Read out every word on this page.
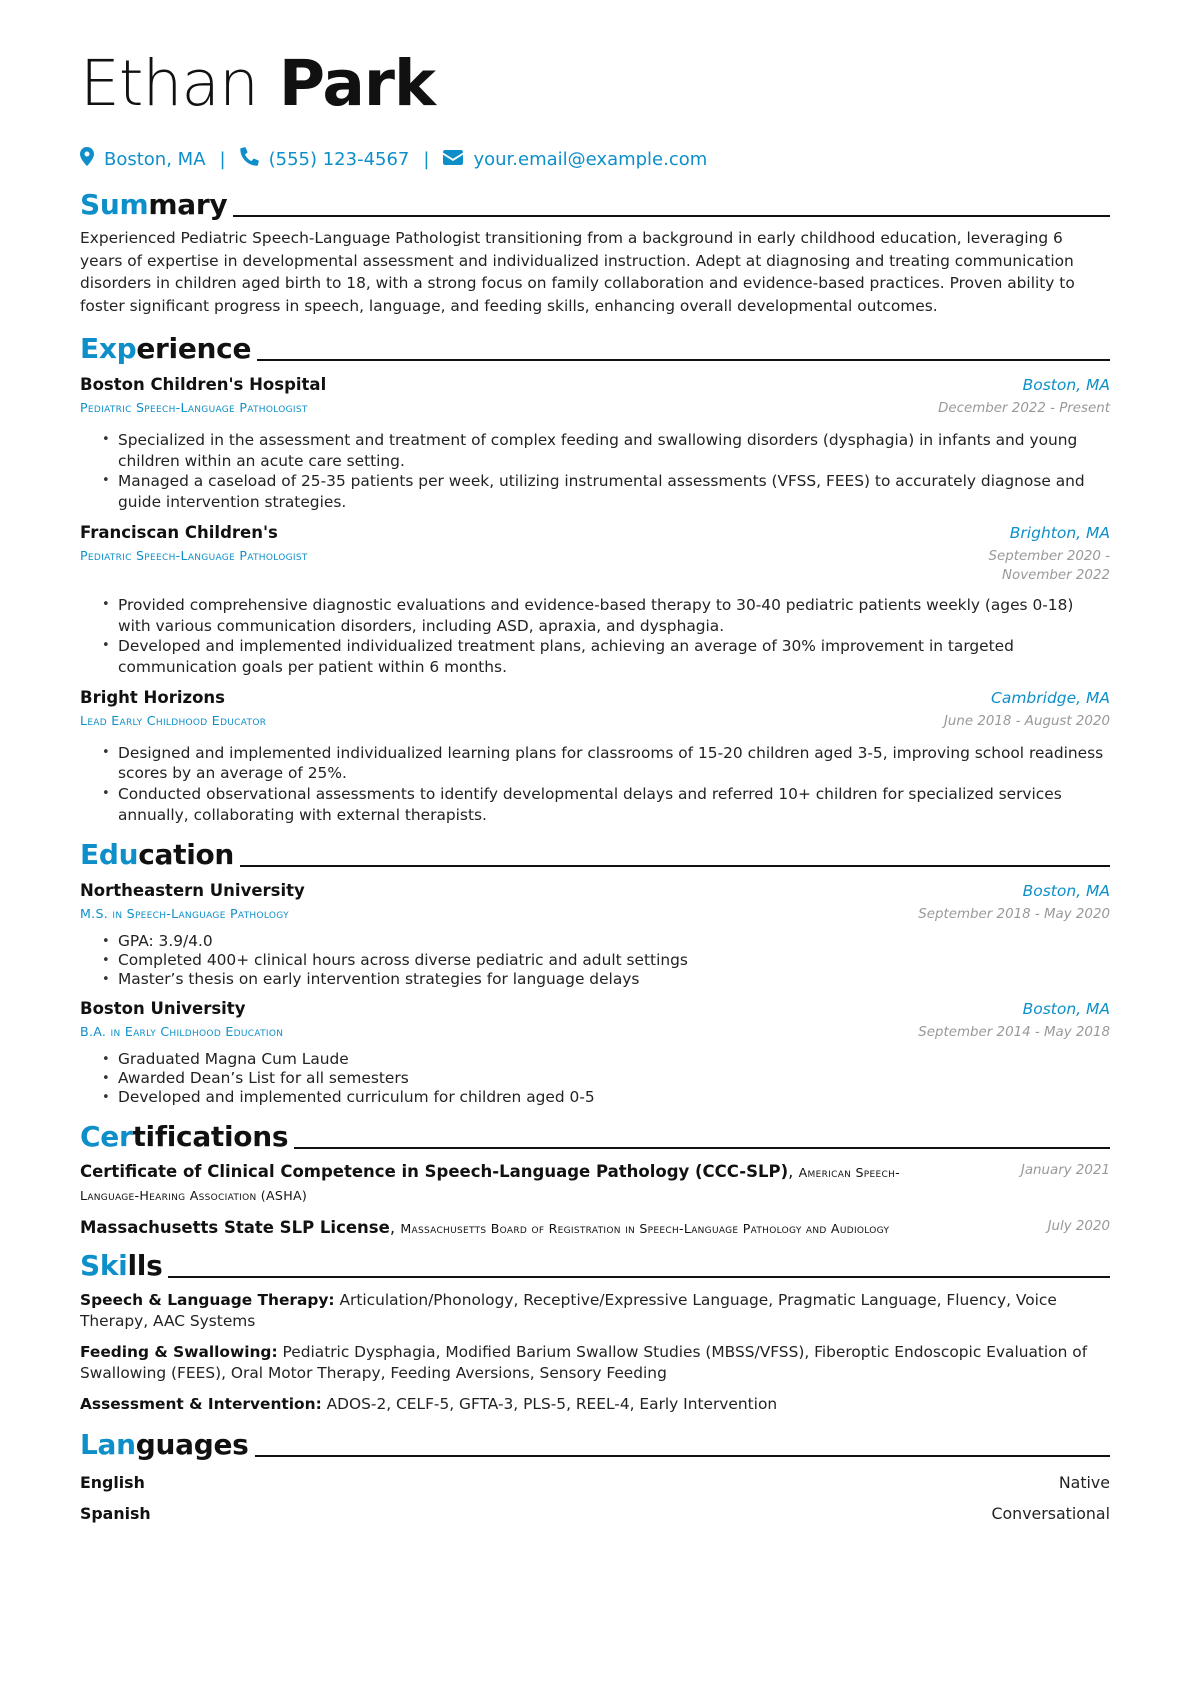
Ethan Park
Boston, MA | (555) 123-4567 | your.email@example.com
Summary

Experienced Pediatric Speech-Language Pathologist transitioning from a background in early childhood education, leveraging 6 years of expertise in developmental assessment and individualized instruction. Adept at diagnosing and treating communication disorders in children aged birth to 18, with a strong focus on family collaboration and evidence-based practices. Proven ability to foster significant progress in speech, language, and feeding skills, enhancing overall developmental outcomes.

Experience
Boston Children's Hospital	Boston, MA
Pediatric Speech-Language Pathologist	December 2022 - Present
• Specialized in the assessment and treatment of complex feeding and swallowing disorders (dysphagia) in infants and young children within an acute care setting.
• Managed a caseload of 25-35 patients per week, utilizing instrumental assessments (VFSS, FEES) to accurately diagnose and guide intervention strategies.
Franciscan Children's	Brighton, MA
Pediatric Speech-Language Pathologist	September 2020 - November 2022
• Provided comprehensive diagnostic evaluations and evidence-based therapy to 30-40 pediatric patients weekly (ages 0-18) with various communication disorders, including ASD, apraxia, and dysphagia.
• Developed and implemented individualized treatment plans, achieving an average of 30% improvement in targeted communication goals per patient within 6 months.
Bright Horizons	Cambridge, MA
Lead Early Childhood Educator	June 2018 - August 2020
• Designed and implemented individualized learning plans for classrooms of 15-20 children aged 3-5, improving school readiness scores by an average of 25%.
• Conducted observational assessments to identify developmental delays and referred 10+ children for specialized services annually, collaborating with external therapists.
Education
Northeastern University	Boston, MA
M.S. in Speech-Language Pathology	September 2018 - May 2020
• GPA: 3.9/4.0
• Completed 400+ clinical hours across diverse pediatric and adult settings
• Master’s thesis on early intervention strategies for language delays
Boston University	Boston, MA
B.A. in Early Childhood Education	September 2014 - May 2018
• Graduated Magna Cum Laude
• Awarded Dean’s List for all semesters
• Developed and implemented curriculum for children aged 0-5
Certifications
Certificate of Clinical Competence in Speech-Language Pathology (CCC-SLP), American Speech-Language-Hearing Association (ASHA)
January 2021
Massachusetts State SLP License, Massachusetts Board of Registration in Speech-Language Pathology and Audiology	July 2020
Skills
Speech & Language Therapy: Articulation/Phonology, Receptive/Expressive Language, Pragmatic Language, Fluency, Voice Therapy, AAC Systems
Feeding & Swallowing: Pediatric Dysphagia, Modified Barium Swallow Studies (MBSS/VFSS), Fiberoptic Endoscopic Evaluation of Swallowing (FEES), Oral Motor Therapy, Feeding Aversions, Sensory Feeding
Assessment & Intervention: ADOS-2, CELF-5, GFTA-3, PLS-5, REEL-4, Early Intervention
Languages
English	Native
Spanish	Conversational
